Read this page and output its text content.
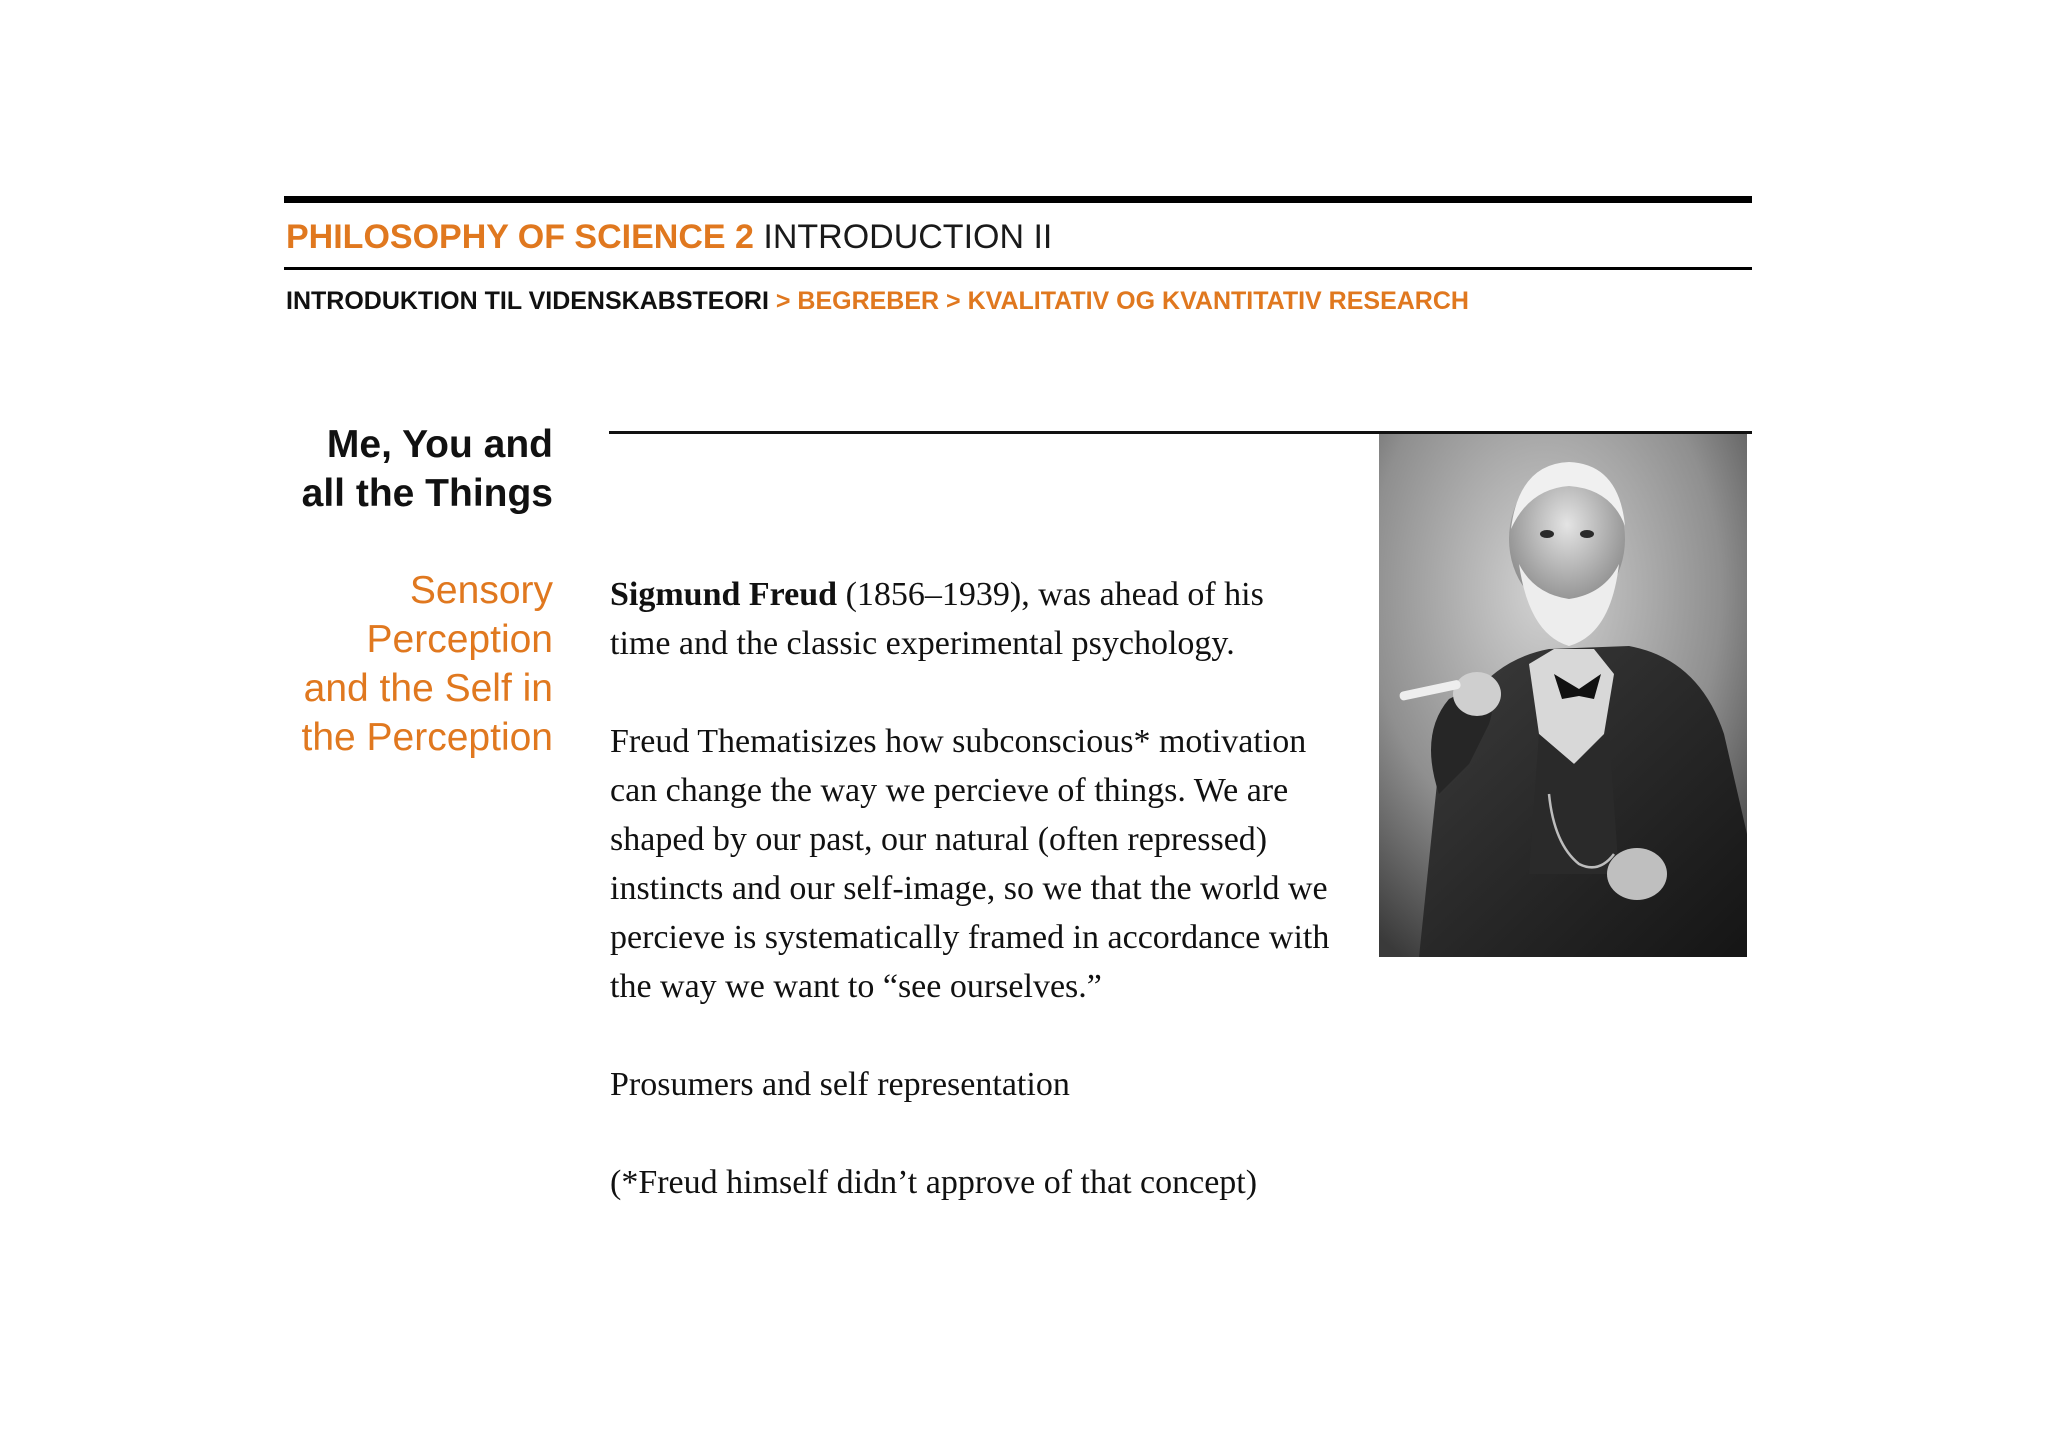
PHILOSOPHY OF SCIENCE 2 INTRODUCTION II
INTRODUKTION TIL VIDENSKABSTEORI > BEGREBER > KVALITATIV OG KVANTITATIV RESEARCH
Me, You and
all the Things
Sensory
Perception
and the Self in
the Perception

Sigmund Freud (1856–1939), was ahead of his time and the classic experimental psychology.

Freud Thematisizes how subconscious* motivation can change the way we percieve of things. We are shaped by our past, our natural (often repressed) instincts and our self-image, so we that the world we percieve is systematically framed in accordance with the way we want to “see ourselves.”

Prosumers and self representation

(*Freud himself didn’t approve of that concept)
